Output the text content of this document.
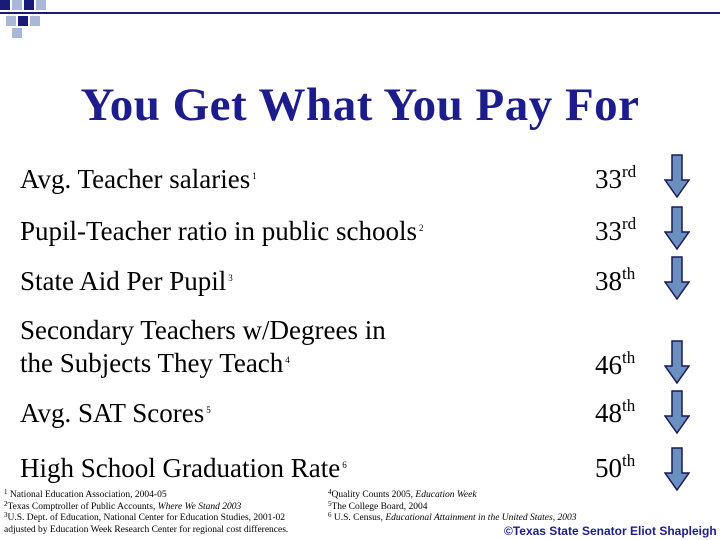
You Get What You Pay For
Avg. Teacher salaries $^1$	33rd
Pupil-Teacher ratio in public schools $^2$	33rd
State Aid Per Pupil $^3$	38th
Secondary Teachers w/Degrees in
the Subjects They Teach $^4$	46th
Avg. SAT Scores $^5$	48th
High School Graduation Rate $^6$	50th
$^1$ National Education Association, 2004-05
$^2$Texas Comptroller of Public Accounts, Where We Stand 2003
$^3$U.S. Dept. of Education, National Center for Education Studies, 2001-02
adjusted by Education Week Research Center for regional cost differences.
$^4$Quality Counts 2005, Education Week
$^5$The College Board, 2004
$^6$ U.S. Census, Educational Attainment in the United States, 2003
©Texas State Senator Eliot Shapleigh
